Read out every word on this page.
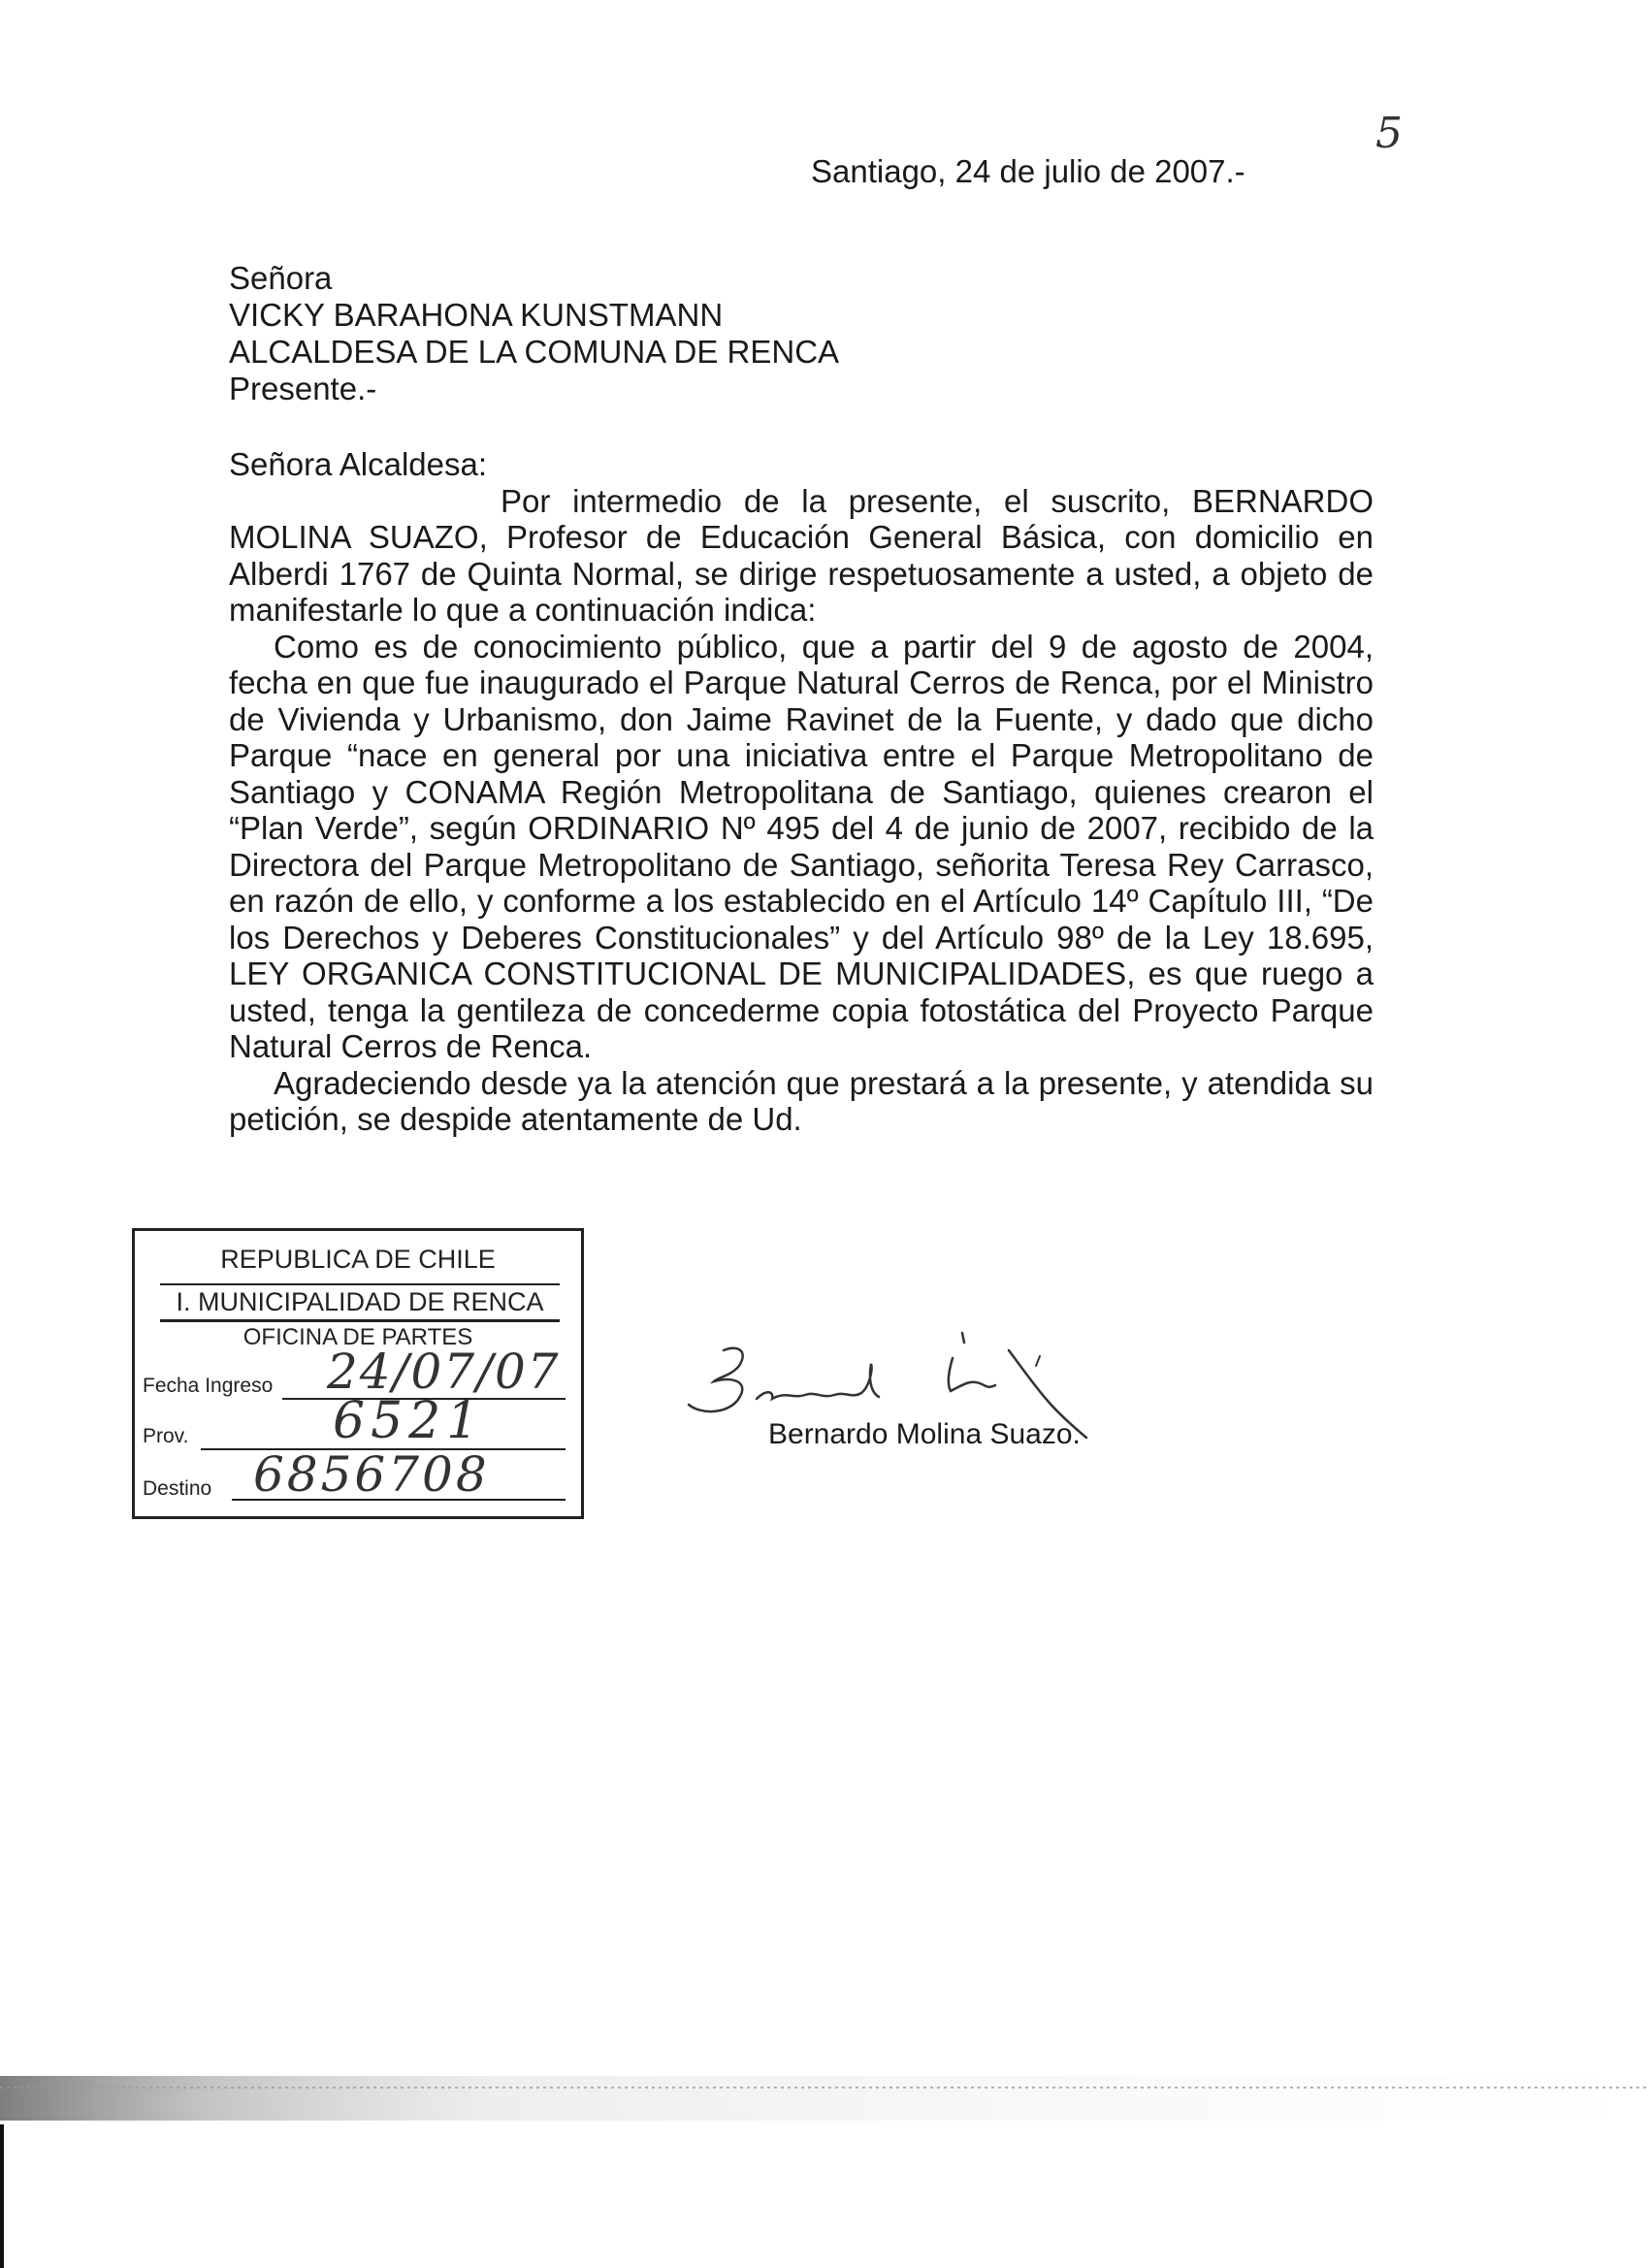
5
Santiago, 24 de julio de 2007.-
Señora
VICKY BARAHONA KUNSTMANN
ALCALDESA DE LA COMUNA DE RENCA
Presente.-

Señora Alcaldesa:

Por intermedio de la presente, el suscrito, BERNARDO MOLINA SUAZO, Profesor de Educación General Básica, con domicilio en Alberdi 1767 de Quinta Normal, se dirige respetuosamente a usted, a objeto de manifestarle lo que a continuación indica:

Como es de conocimiento público, que a partir del 9 de agosto de 2004, fecha en que fue inaugurado el Parque Natural Cerros de Renca, por el Ministro de Vivienda y Urbanismo, don Jaime Ravinet de la Fuente, y dado que dicho Parque “nace en general por una iniciativa entre el Parque Metropolitano de Santiago y CONAMA Región Metropolitana de Santiago, quienes crearon el “Plan Verde”, según ORDINARIO Nº 495 del 4 de junio de 2007, recibido de la Directora del Parque Metropolitano de Santiago, señorita Teresa Rey Carrasco, en razón de ello, y conforme a los establecido en el Artículo 14º Capítulo III, “De los Derechos y Deberes Constitucionales” y del Artículo 98º de la Ley 18.695, LEY ORGANICA CONSTITUCIONAL DE MUNICIPALIDADES, es que ruego a usted, tenga la gentileza de concederme copia fotostática del Proyecto Parque Natural Cerros de Renca.

Agradeciendo desde ya la atención que prestará a la presente, y atendida su petición, se despide atentamente de Ud.

REPUBLICA DE CHILE
I. MUNICIPALIDAD DE RENCA
OFICINA DE PARTES
Fecha Ingreso 24/07/07
Prov.	6521
Destino 6856708
Bernardo Molina Suazo.
